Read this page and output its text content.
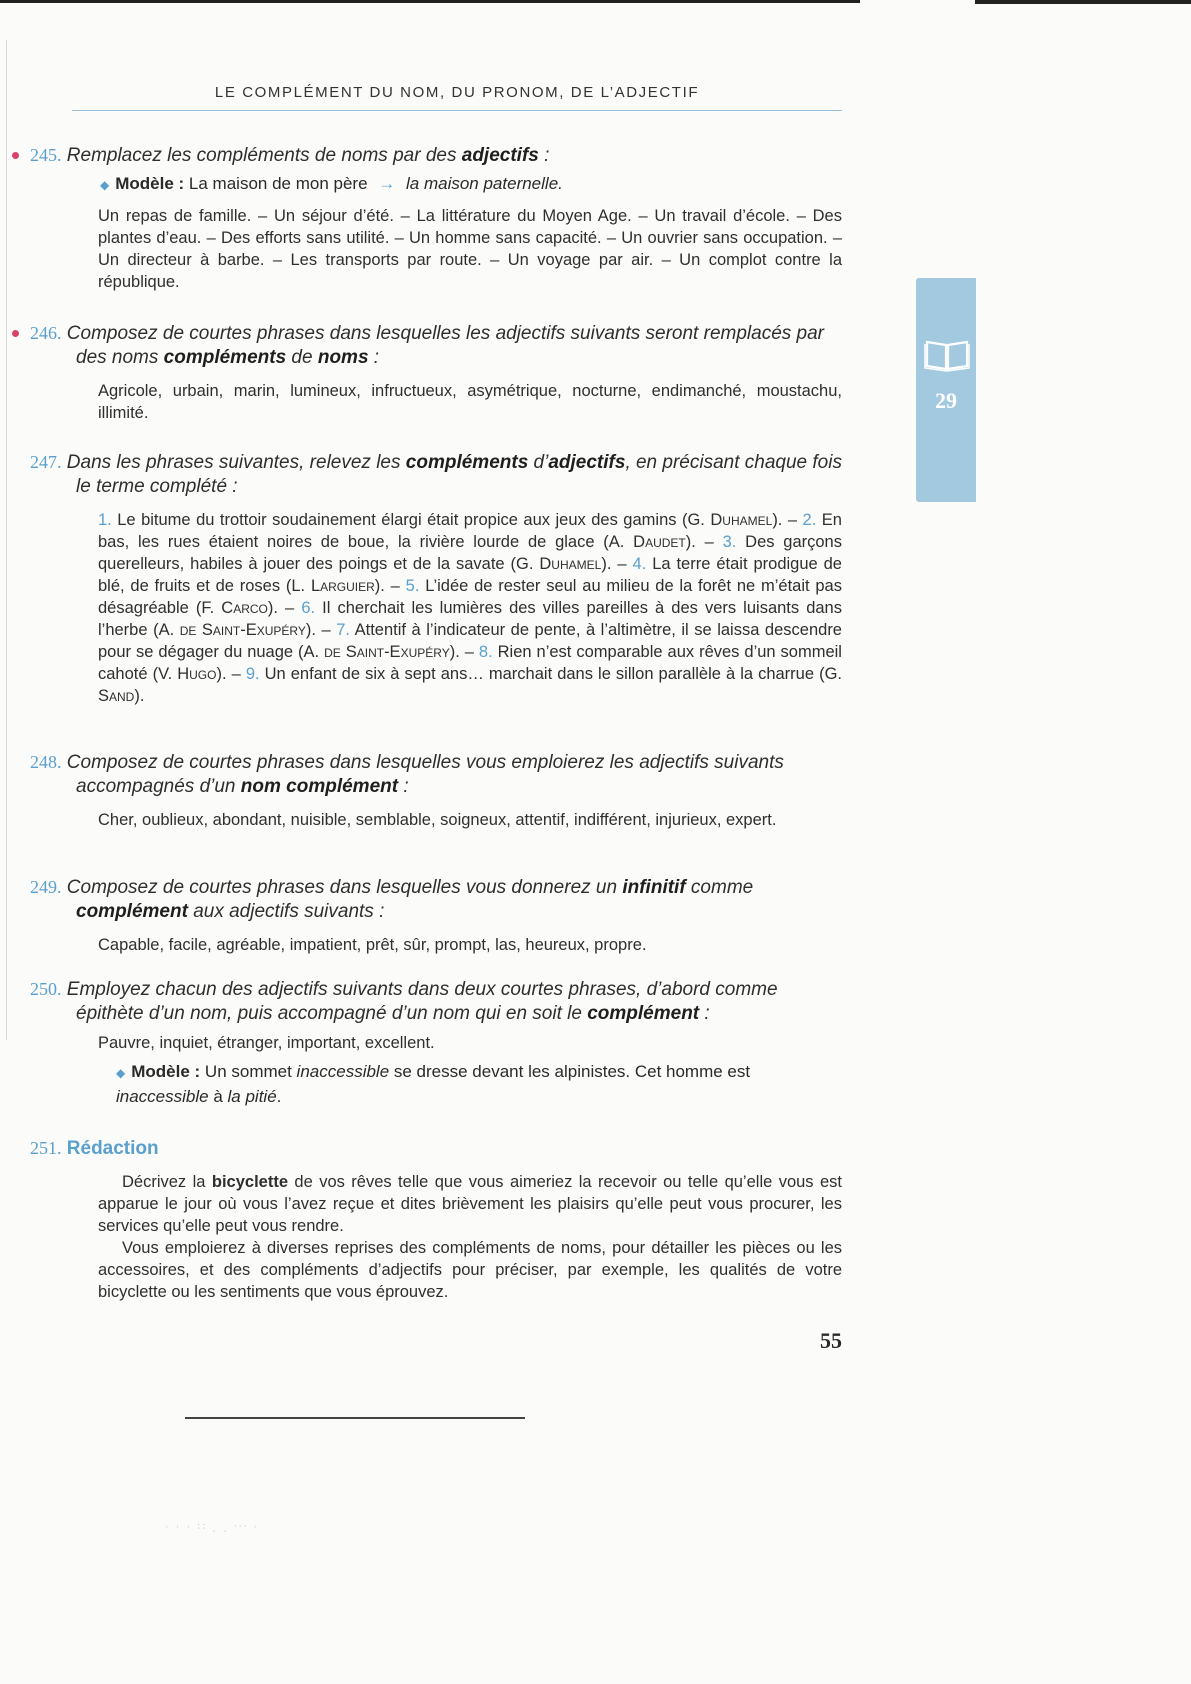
LE COMPLÉMENT DU NOM, DU PRONOM, DE L’ADJECTIF
29
245. Remplacez les compléments de noms par des adjectifs :
◆ Modèle : La maison de mon père → la maison paternelle.
Un repas de famille. – Un séjour d’été. – La littérature du Moyen Age. – Un travail d’école. – Des plantes d’eau. – Des efforts sans utilité. – Un homme sans capacité. – Un ouvrier sans occupation. – Un directeur à barbe. – Les transports par route. – Un voyage par air. – Un complot contre la république.
246. Composez de courtes phrases dans lesquelles les adjectifs suivants seront remplacés par des noms compléments de noms :
Agricole, urbain, marin, lumineux, infructueux, asymétrique, nocturne, endimanché, moustachu, illimité.
247. Dans les phrases suivantes, relevez les compléments d’adjectifs, en précisant chaque fois le terme complété :
1. Le bitume du trottoir soudainement élargi était propice aux jeux des gamins (G. Duhamel). – 2. En bas, les rues étaient noires de boue, la rivière lourde de glace (A. Daudet). – 3. Des garçons querelleurs, habiles à jouer des poings et de la savate (G. Duhamel). – 4. La terre était prodigue de blé, de fruits et de roses (L. Larguier). – 5. L’idée de rester seul au milieu de la forêt ne m’était pas désagréable (F. Carco). – 6. Il cherchait les lumières des villes pareilles à des vers luisants dans l’herbe (A. de Saint-Exupéry). – 7. Attentif à l’indicateur de pente, à l’altimètre, il se laissa descendre pour se dégager du nuage (A. de Saint-Exupéry). – 8. Rien n’est comparable aux rêves d’un sommeil cahoté (V. Hugo). – 9. Un enfant de six à sept ans… marchait dans le sillon parallèle à la charrue (G. Sand).
248. Composez de courtes phrases dans lesquelles vous emploierez les adjectifs suivants accompagnés d’un nom complément :
Cher, oublieux, abondant, nuisible, semblable, soigneux, attentif, indifférent, injurieux, expert.
249. Composez de courtes phrases dans lesquelles vous donnerez un infinitif comme complément aux adjectifs suivants :
Capable, facile, agréable, impatient, prêt, sûr, prompt, las, heureux, propre.
250. Employez chacun des adjectifs suivants dans deux courtes phrases, d’abord comme épithète d’un nom, puis accompagné d’un nom qui en soit le complément :
Pauvre, inquiet, étranger, important, excellent.
◆ Modèle : Un sommet inaccessible se dresse devant les alpinistes. Cet homme est inaccessible à la pitié.
251. Rédaction

Décrivez la bicyclette de vos rêves telle que vous aimeriez la recevoir ou telle qu’elle vous est apparue le jour où vous l’avez reçue et dites brièvement les plaisirs qu’elle peut vous procurer, les services qu’elle peut vous rendre.

Vous emploierez à diverses reprises des compléments de noms, pour détailler les pièces ou les accessoires, et des compléments d’adjectifs pour préciser, par exemple, les qualités de votre bicyclette ou les sentiments que vous éprouvez.

55
· · · ꞉꞉ ˎ ˏ ᐧᐧᐧ ·
